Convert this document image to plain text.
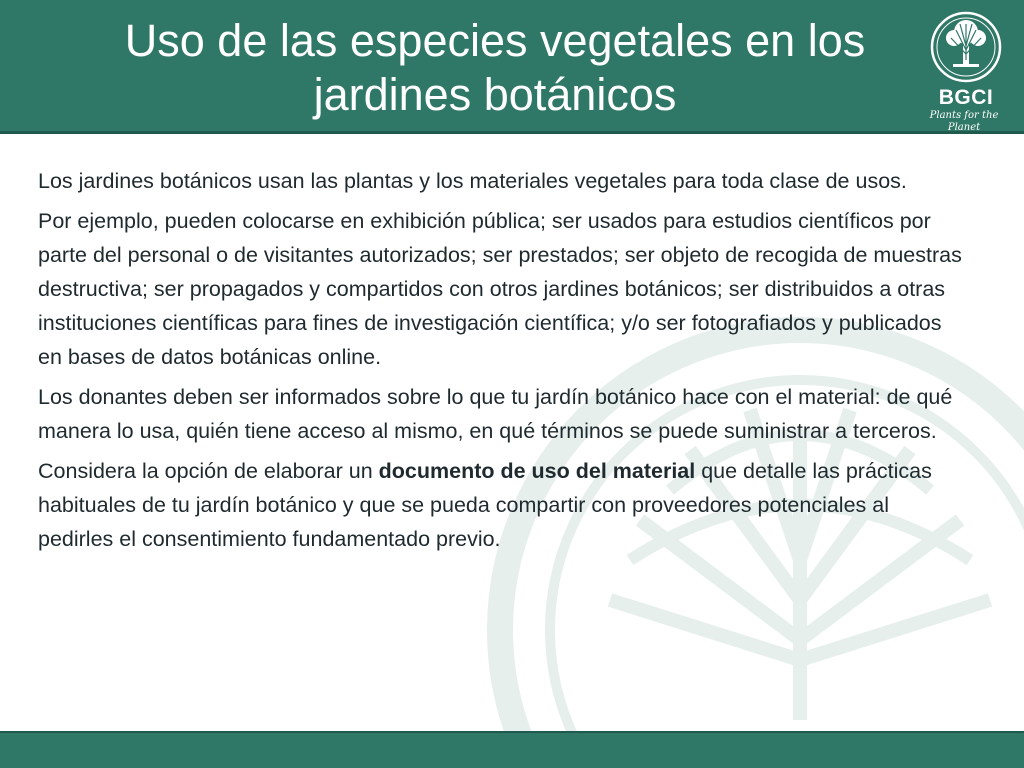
Uso de las especies vegetales en los jardines botánicos	BGCI
Plants for the Planet

Los jardines botánicos usan las plantas y los materiales vegetales para toda clase de usos.

Por ejemplo, pueden colocarse en exhibición pública; ser usados para estudios científicos por parte del personal o de visitantes autorizados; ser prestados; ser objeto de recogida de muestras destructiva; ser propagados y compartidos con otros jardines botánicos; ser distribuidos a otras instituciones científicas para fines de investigación científica; y/o ser fotografiados y publicados en bases de datos botánicas online.

Los donantes deben ser informados sobre lo que tu jardín botánico hace con el material: de qué manera lo usa, quién tiene acceso al mismo, en qué términos se puede suministrar a terceros.

Considera la opción de elaborar un documento de uso del material que detalle las prácticas habituales de tu jardín botánico y que se pueda compartir con proveedores potenciales al pedirles el consentimiento fundamentado previo.
